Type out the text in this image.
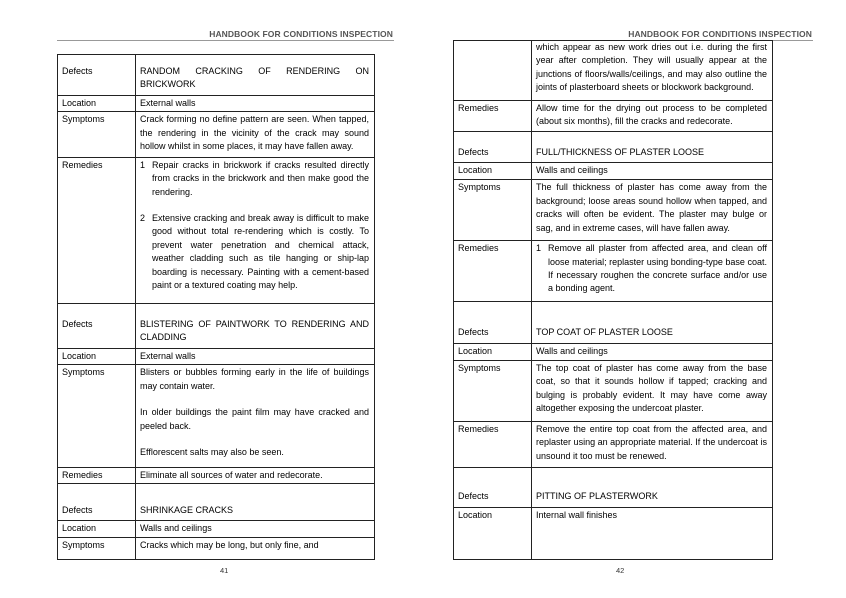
HANDBOOK FOR CONDITIONS INSPECTION
Defects	RANDOM CRACKING OF RENDERING ON BRICKWORK
Location	External walls
Symptoms	Crack forming no define pattern are seen. When tapped, the rendering in the vicinity of the crack may sound hollow whilst in some places, it may have fallen away.
Remedies	1 Repair cracks in brickwork if cracks resulted directly from cracks in the brickwork and then make good the rendering.
2 Extensive cracking and break away is difficult to make good without total re-rendering which is costly. To prevent water penetration and chemical attack, weather cladding such as tile hanging or ship-lap boarding is necessary. Painting with a cement-based paint or a textured coating may help.

Defects	BLISTERING OF PAINTWORK TO RENDERING AND CLADDING
Location	External walls
Symptoms	Blisters or bubbles forming early in the life of buildings may contain water.

In older buildings the paint film may have cracked and peeled back.

Efflorescent salts may also be seen.

Remedies	Eliminate all sources of water and redecorate.
Defects	SHRINKAGE CRACKS
Location	Walls and ceilings
Symptoms	Cracks which may be long, but only fine, and
41
HANDBOOK FOR CONDITIONS INSPECTION
	which appear as new work dries out i.e. during the first year after completion. They will usually appear at the junctions of floors/walls/ceilings, and may also outline the joints of plasterboard sheets or blockwork background.
Remedies	Allow time for the drying out process to be completed (about six months), fill the cracks and redecorate.
Defects	FULL/THICKNESS OF PLASTER LOOSE
Location	Walls and ceilings
Symptoms	The full thickness of plaster has come away from the background; loose areas sound hollow when tapped, and cracks will often be evident. The plaster may bulge or sag, and in extreme cases, will have fallen away.
Remedies	1 Remove all plaster from affected area, and clean off loose material; replaster using bonding-type base coat. If necessary roughen the concrete surface and/or use a bonding agent.

Defects	TOP COAT OF PLASTER LOOSE
Location	Walls and ceilings
Symptoms	The top coat of plaster has come away from the base coat, so that it sounds hollow if tapped; cracking and bulging is probably evident. It may have come away altogether exposing the undercoat plaster.
Remedies	Remove the entire top coat from the affected area, and replaster using an appropriate material. If the undercoat is unsound it too must be renewed.
Defects	PITTING OF PLASTERWORK
Location	Internal wall finishes
42
